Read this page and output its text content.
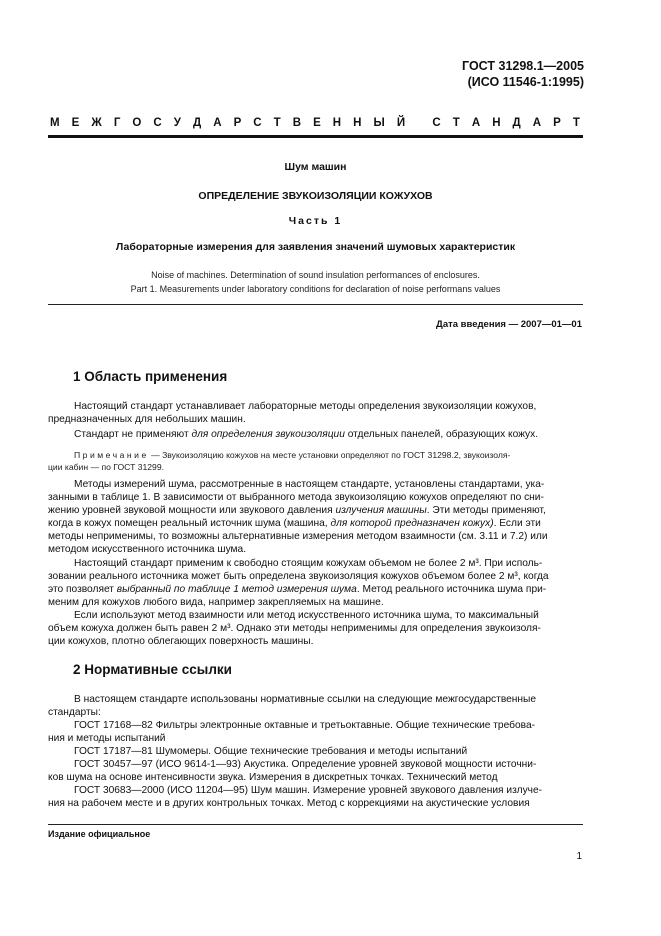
ГОСТ 31298.1—2005
(ИСО 11546-1:1995)
М Е Ж Г О С У Д А Р С Т В Е Н Н Ы Й
С Т А Н Д А Р Т
Шум машин
ОПРЕДЕЛЕНИЕ ЗВУКОИЗОЛЯЦИИ КОЖУХОВ
Часть 1
Лабораторные измерения для заявления значений шумовых характеристик
Noise of machines. Determination of sound insulation performances of enclosures.
Part 1. Measurements under laboratory conditions for declaration of noise performans values
Дата введения — 2007—01—01
1 Область применения
Настоящий стандарт устанавливает лабораторные методы определения звукоизоляции кожухов,
предназначенных для небольших машин.
Стандарт не применяют для определения звукоизоляции отдельных панелей, образующих кожух.
Примечание — Звукоизоляцию кожухов на месте установки определяют по ГОСТ 31298.2, звукоизоля-
ции кабин — по ГОСТ 31299.
Методы измерений шума, рассмотренные в настоящем стандарте, установлены стандартами, ука-
занными в таблице 1. В зависимости от выбранного метода звукоизоляцию кожухов определяют по сни-
жению уровней звуковой мощности или звукового давления излучения машины. Эти методы применяют,
когда в кожух помещен реальный источник шума (машина, для которой предназначен кожух). Если эти
методы неприменимы, то возможны альтернативные измерения методом взаимности (см. 3.11 и 7.2) или
методом искусственного источника шума.
Настоящий стандарт применим к свободно стоящим кожухам объемом не более 2 м³. При исполь-
зовании реального источника может быть определена звукоизоляция кожухов объемом более 2 м³, когда
это позволяет выбранный по таблице 1 метод измерения шума. Метод реального источника шума при-
меним для кожухов любого вида, например закрепляемых на машине.
Если используют метод взаимности или метод искусственного источника шума, то максимальный
объем кожуха должен быть равен 2 м³. Однако эти методы неприменимы для определения звукоизоля-
ции кожухов, плотно облегающих поверхность машины.
2 Нормативные ссылки
В настоящем стандарте использованы нормативные ссылки на следующие межгосударственные
стандарты:
ГОСТ 17168—82 Фильтры электронные октавные и третьоктавные. Общие технические требова-
ния и методы испытаний
ГОСТ 17187—81 Шумомеры. Общие технические требования и методы испытаний
ГОСТ 30457—97 (ИСО 9614-1—93) Акустика. Определение уровней звуковой мощности источни-
ков шума на основе интенсивности звука. Измерения в дискретных точках. Технический метод
ГОСТ 30683—2000 (ИСО 11204—95) Шум машин. Измерение уровней звукового давления излуче-
ния на рабочем месте и в других контрольных точках. Метод с коррекциями на акустические условия
Издание официальное
1
